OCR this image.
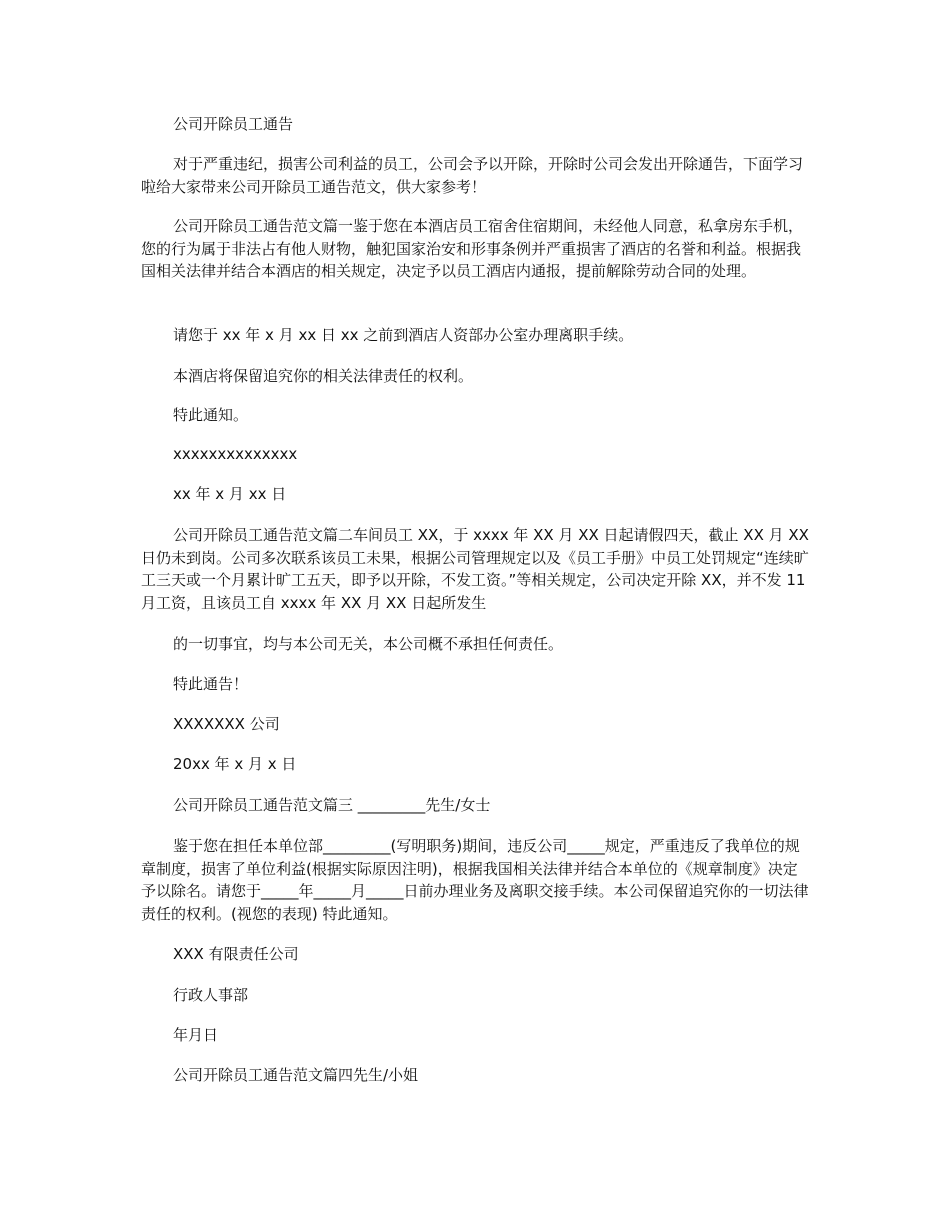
公司开除员工通告

对于严重违纪，损害公司利益的员工，公司会予以开除，开除时公司会发出开除通告，下面学习啦给大家带来公司开除员工通告范文，供大家参考！

公司开除员工通告范文篇一鉴于您在本酒店员工宿舍住宿期间，未经他人同意，私拿房东手机，您的行为属于非法占有他人财物，触犯国家治安和形事条例并严重损害了酒店的名誉和利益。根据我国相关法律并结合本酒店的相关规定，决定予以员工酒店内通报，提前解除劳动合同的处理。

请您于 xx 年 x 月 xx 日 xx 之前到酒店人资部办公室办理离职手续。

本酒店将保留追究你的相关法律责任的权利。

特此通知。

xxxxxxxxxxxxxx

xx 年 x 月 xx 日

公司开除员工通告范文篇二车间员工 XX，于 xxxx 年 XX 月 XX 日起请假四天，截止 XX 月 XX 日仍未到岗。公司多次联系该员工未果，根据公司管理规定以及《员工手册》中员工处罚规定“连续旷工三天或一个月累计旷工五天，即予以开除，不发工资。”等相关规定，公司决定开除 XX，并不发 11 月工资，且该员工自 xxxx 年 XX 月 XX 日起所发生

的一切事宜，均与本公司无关，本公司概不承担任何责任。

特此通告！

XXXXXXX 公司

20xx 年 x 月 x 日

公司开除员工通告范文篇三 _________先生/女士

鉴于您在担任本单位部_________(写明职务)期间，违反公司_____规定，严重违反了我单位的规章制度，损害了单位利益(根据实际原因注明)，根据我国相关法律并结合本单位的《规章制度》决定予以除名。请您于_____年_____月_____日前办理业务及离职交接手续。本公司保留追究你的一切法律责任的权利。(视您的表现) 特此通知。

XXX 有限责任公司

行政人事部

年月日

公司开除员工通告范文篇四先生/小姐
